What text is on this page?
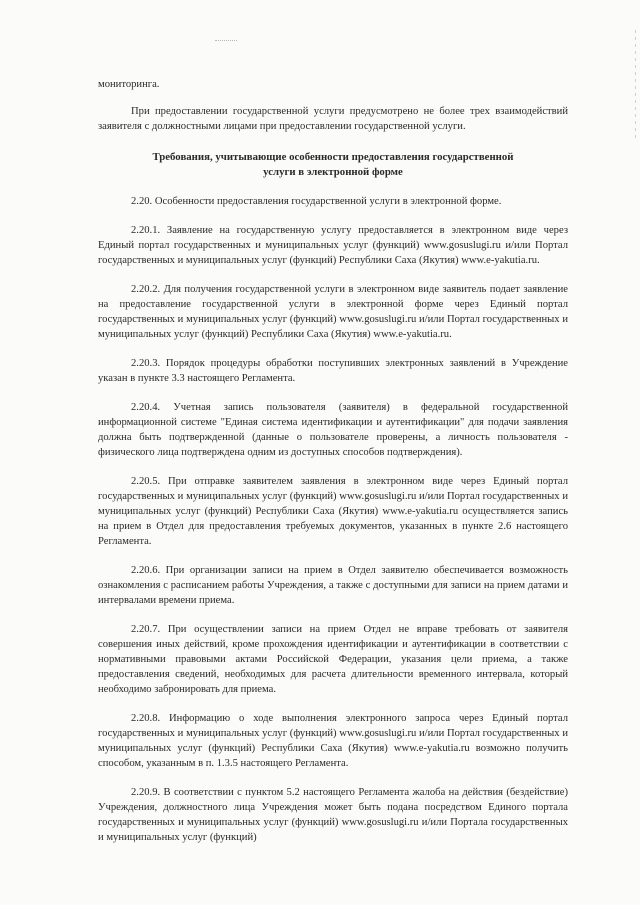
мониторинга.

При предоставлении государственной услуги предусмотрено не более трех взаимодействий заявителя с должностными лицами при предоставлении государственной услуги.

Требования, учитывающие особенности предоставления государственной
услуги в электронной форме

2.20. Особенности предоставления государственной услуги в электронной форме.

2.20.1. Заявление на государственную услугу предоставляется в электронном виде через Единый портал государственных и муниципальных услуг (функций) www.gosuslugi.ru и/или Портал государственных и муниципальных услуг (функций) Республики Саха (Якутия) www.e-yakutia.ru.

2.20.2. Для получения государственной услуги в электронном виде заявитель подает заявление на предоставление государственной услуги в электронной форме через Единый портал государственных и муниципальных услуг (функций) www.gosuslugi.ru и/или Портал государственных и муниципальных услуг (функций) Республики Саха (Якутия) www.e-yakutia.ru.

2.20.3. Порядок процедуры обработки поступивших электронных заявлений в Учреждение указан в пункте 3.3 настоящего Регламента.

2.20.4. Учетная запись пользователя (заявителя) в федеральной государственной информационной системе "Единая система идентификации и аутентификации" для подачи заявления должна быть подтвержденной (данные о пользователе проверены, а личность пользователя - физического лица подтверждена одним из доступных способов подтверждения).

2.20.5. При отправке заявителем заявления в электронном виде через Единый портал государственных и муниципальных услуг (функций) www.gosuslugi.ru и/или Портал государственных и муниципальных услуг (функций) Республики Саха (Якутия) www.e-yakutia.ru осуществляется запись на прием в Отдел для предоставления требуемых документов, указанных в пункте 2.6 настоящего Регламента.

2.20.6. При организации записи на прием в Отдел заявителю обеспечивается возможность ознакомления с расписанием работы Учреждения, а также с доступными для записи на прием датами и интервалами времени приема.

2.20.7. При осуществлении записи на прием Отдел не вправе требовать от заявителя совершения иных действий, кроме прохождения идентификации и аутентификации в соответствии с нормативными правовыми актами Российской Федерации, указания цели приема, а также предоставления сведений, необходимых для расчета длительности временного интервала, который необходимо забронировать для приема.

2.20.8. Информацию о ходе выполнения электронного запроса через Единый портал государственных и муниципальных услуг (функций) www.gosuslugi.ru и/или Портал государственных и муниципальных услуг (функций) Республики Саха (Якутия) www.e-yakutia.ru возможно получить способом, указанным в п. 1.3.5 настоящего Регламента.

2.20.9. В соответствии с пунктом 5.2 настоящего Регламента жалоба на действия (бездействие) Учреждения, должностного лица Учреждения может быть подана посредством Единого портала государственных и муниципальных услуг (функций) www.gosuslugi.ru и/или Портала государственных и муниципальных услуг (функций)
